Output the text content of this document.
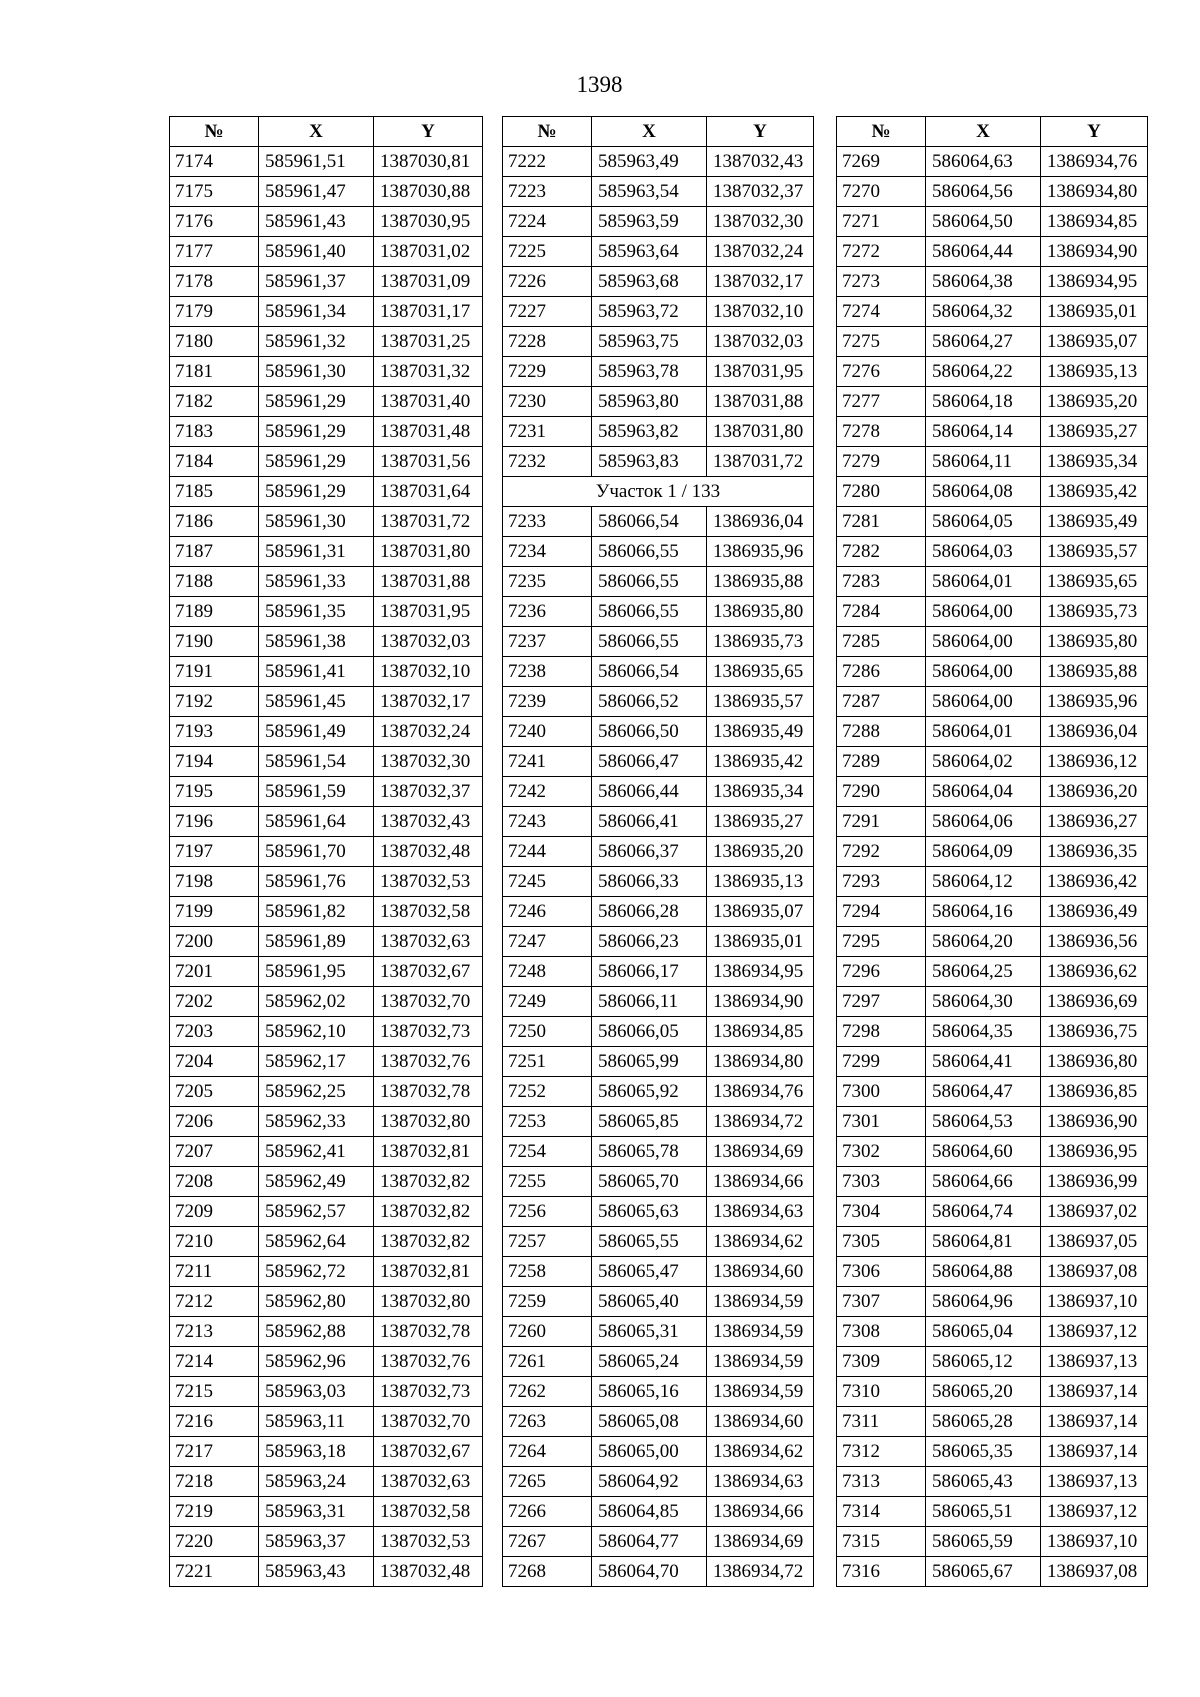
1398
№	X	Y
7174	585961,51	1387030,81
7175	585961,47	1387030,88
7176	585961,43	1387030,95
7177	585961,40	1387031,02
7178	585961,37	1387031,09
7179	585961,34	1387031,17
7180	585961,32	1387031,25
7181	585961,30	1387031,32
7182	585961,29	1387031,40
7183	585961,29	1387031,48
7184	585961,29	1387031,56
7185	585961,29	1387031,64
7186	585961,30	1387031,72
7187	585961,31	1387031,80
7188	585961,33	1387031,88
7189	585961,35	1387031,95
7190	585961,38	1387032,03
7191	585961,41	1387032,10
7192	585961,45	1387032,17
7193	585961,49	1387032,24
7194	585961,54	1387032,30
7195	585961,59	1387032,37
7196	585961,64	1387032,43
7197	585961,70	1387032,48
7198	585961,76	1387032,53
7199	585961,82	1387032,58
7200	585961,89	1387032,63
7201	585961,95	1387032,67
7202	585962,02	1387032,70
7203	585962,10	1387032,73
7204	585962,17	1387032,76
7205	585962,25	1387032,78
7206	585962,33	1387032,80
7207	585962,41	1387032,81
7208	585962,49	1387032,82
7209	585962,57	1387032,82
7210	585962,64	1387032,82
7211	585962,72	1387032,81
7212	585962,80	1387032,80
7213	585962,88	1387032,78
7214	585962,96	1387032,76
7215	585963,03	1387032,73
7216	585963,11	1387032,70
7217	585963,18	1387032,67
7218	585963,24	1387032,63
7219	585963,31	1387032,58
7220	585963,37	1387032,53
7221	585963,43	1387032,48
№	X	Y
7222	585963,49	1387032,43
7223	585963,54	1387032,37
7224	585963,59	1387032,30
7225	585963,64	1387032,24
7226	585963,68	1387032,17
7227	585963,72	1387032,10
7228	585963,75	1387032,03
7229	585963,78	1387031,95
7230	585963,80	1387031,88
7231	585963,82	1387031,80
7232	585963,83	1387031,72
Участок 1 / 133		
7233	586066,54	1386936,04
7234	586066,55	1386935,96
7235	586066,55	1386935,88
7236	586066,55	1386935,80
7237	586066,55	1386935,73
7238	586066,54	1386935,65
7239	586066,52	1386935,57
7240	586066,50	1386935,49
7241	586066,47	1386935,42
7242	586066,44	1386935,34
7243	586066,41	1386935,27
7244	586066,37	1386935,20
7245	586066,33	1386935,13
7246	586066,28	1386935,07
7247	586066,23	1386935,01
7248	586066,17	1386934,95
7249	586066,11	1386934,90
7250	586066,05	1386934,85
7251	586065,99	1386934,80
7252	586065,92	1386934,76
7253	586065,85	1386934,72
7254	586065,78	1386934,69
7255	586065,70	1386934,66
7256	586065,63	1386934,63
7257	586065,55	1386934,62
7258	586065,47	1386934,60
7259	586065,40	1386934,59
7260	586065,31	1386934,59
7261	586065,24	1386934,59
7262	586065,16	1386934,59
7263	586065,08	1386934,60
7264	586065,00	1386934,62
7265	586064,92	1386934,63
7266	586064,85	1386934,66
7267	586064,77	1386934,69
7268	586064,70	1386934,72
№	X	Y
7269	586064,63	1386934,76
7270	586064,56	1386934,80
7271	586064,50	1386934,85
7272	586064,44	1386934,90
7273	586064,38	1386934,95
7274	586064,32	1386935,01
7275	586064,27	1386935,07
7276	586064,22	1386935,13
7277	586064,18	1386935,20
7278	586064,14	1386935,27
7279	586064,11	1386935,34
7280	586064,08	1386935,42
7281	586064,05	1386935,49
7282	586064,03	1386935,57
7283	586064,01	1386935,65
7284	586064,00	1386935,73
7285	586064,00	1386935,80
7286	586064,00	1386935,88
7287	586064,00	1386935,96
7288	586064,01	1386936,04
7289	586064,02	1386936,12
7290	586064,04	1386936,20
7291	586064,06	1386936,27
7292	586064,09	1386936,35
7293	586064,12	1386936,42
7294	586064,16	1386936,49
7295	586064,20	1386936,56
7296	586064,25	1386936,62
7297	586064,30	1386936,69
7298	586064,35	1386936,75
7299	586064,41	1386936,80
7300	586064,47	1386936,85
7301	586064,53	1386936,90
7302	586064,60	1386936,95
7303	586064,66	1386936,99
7304	586064,74	1386937,02
7305	586064,81	1386937,05
7306	586064,88	1386937,08
7307	586064,96	1386937,10
7308	586065,04	1386937,12
7309	586065,12	1386937,13
7310	586065,20	1386937,14
7311	586065,28	1386937,14
7312	586065,35	1386937,14
7313	586065,43	1386937,13
7314	586065,51	1386937,12
7315	586065,59	1386937,10
7316	586065,67	1386937,08
